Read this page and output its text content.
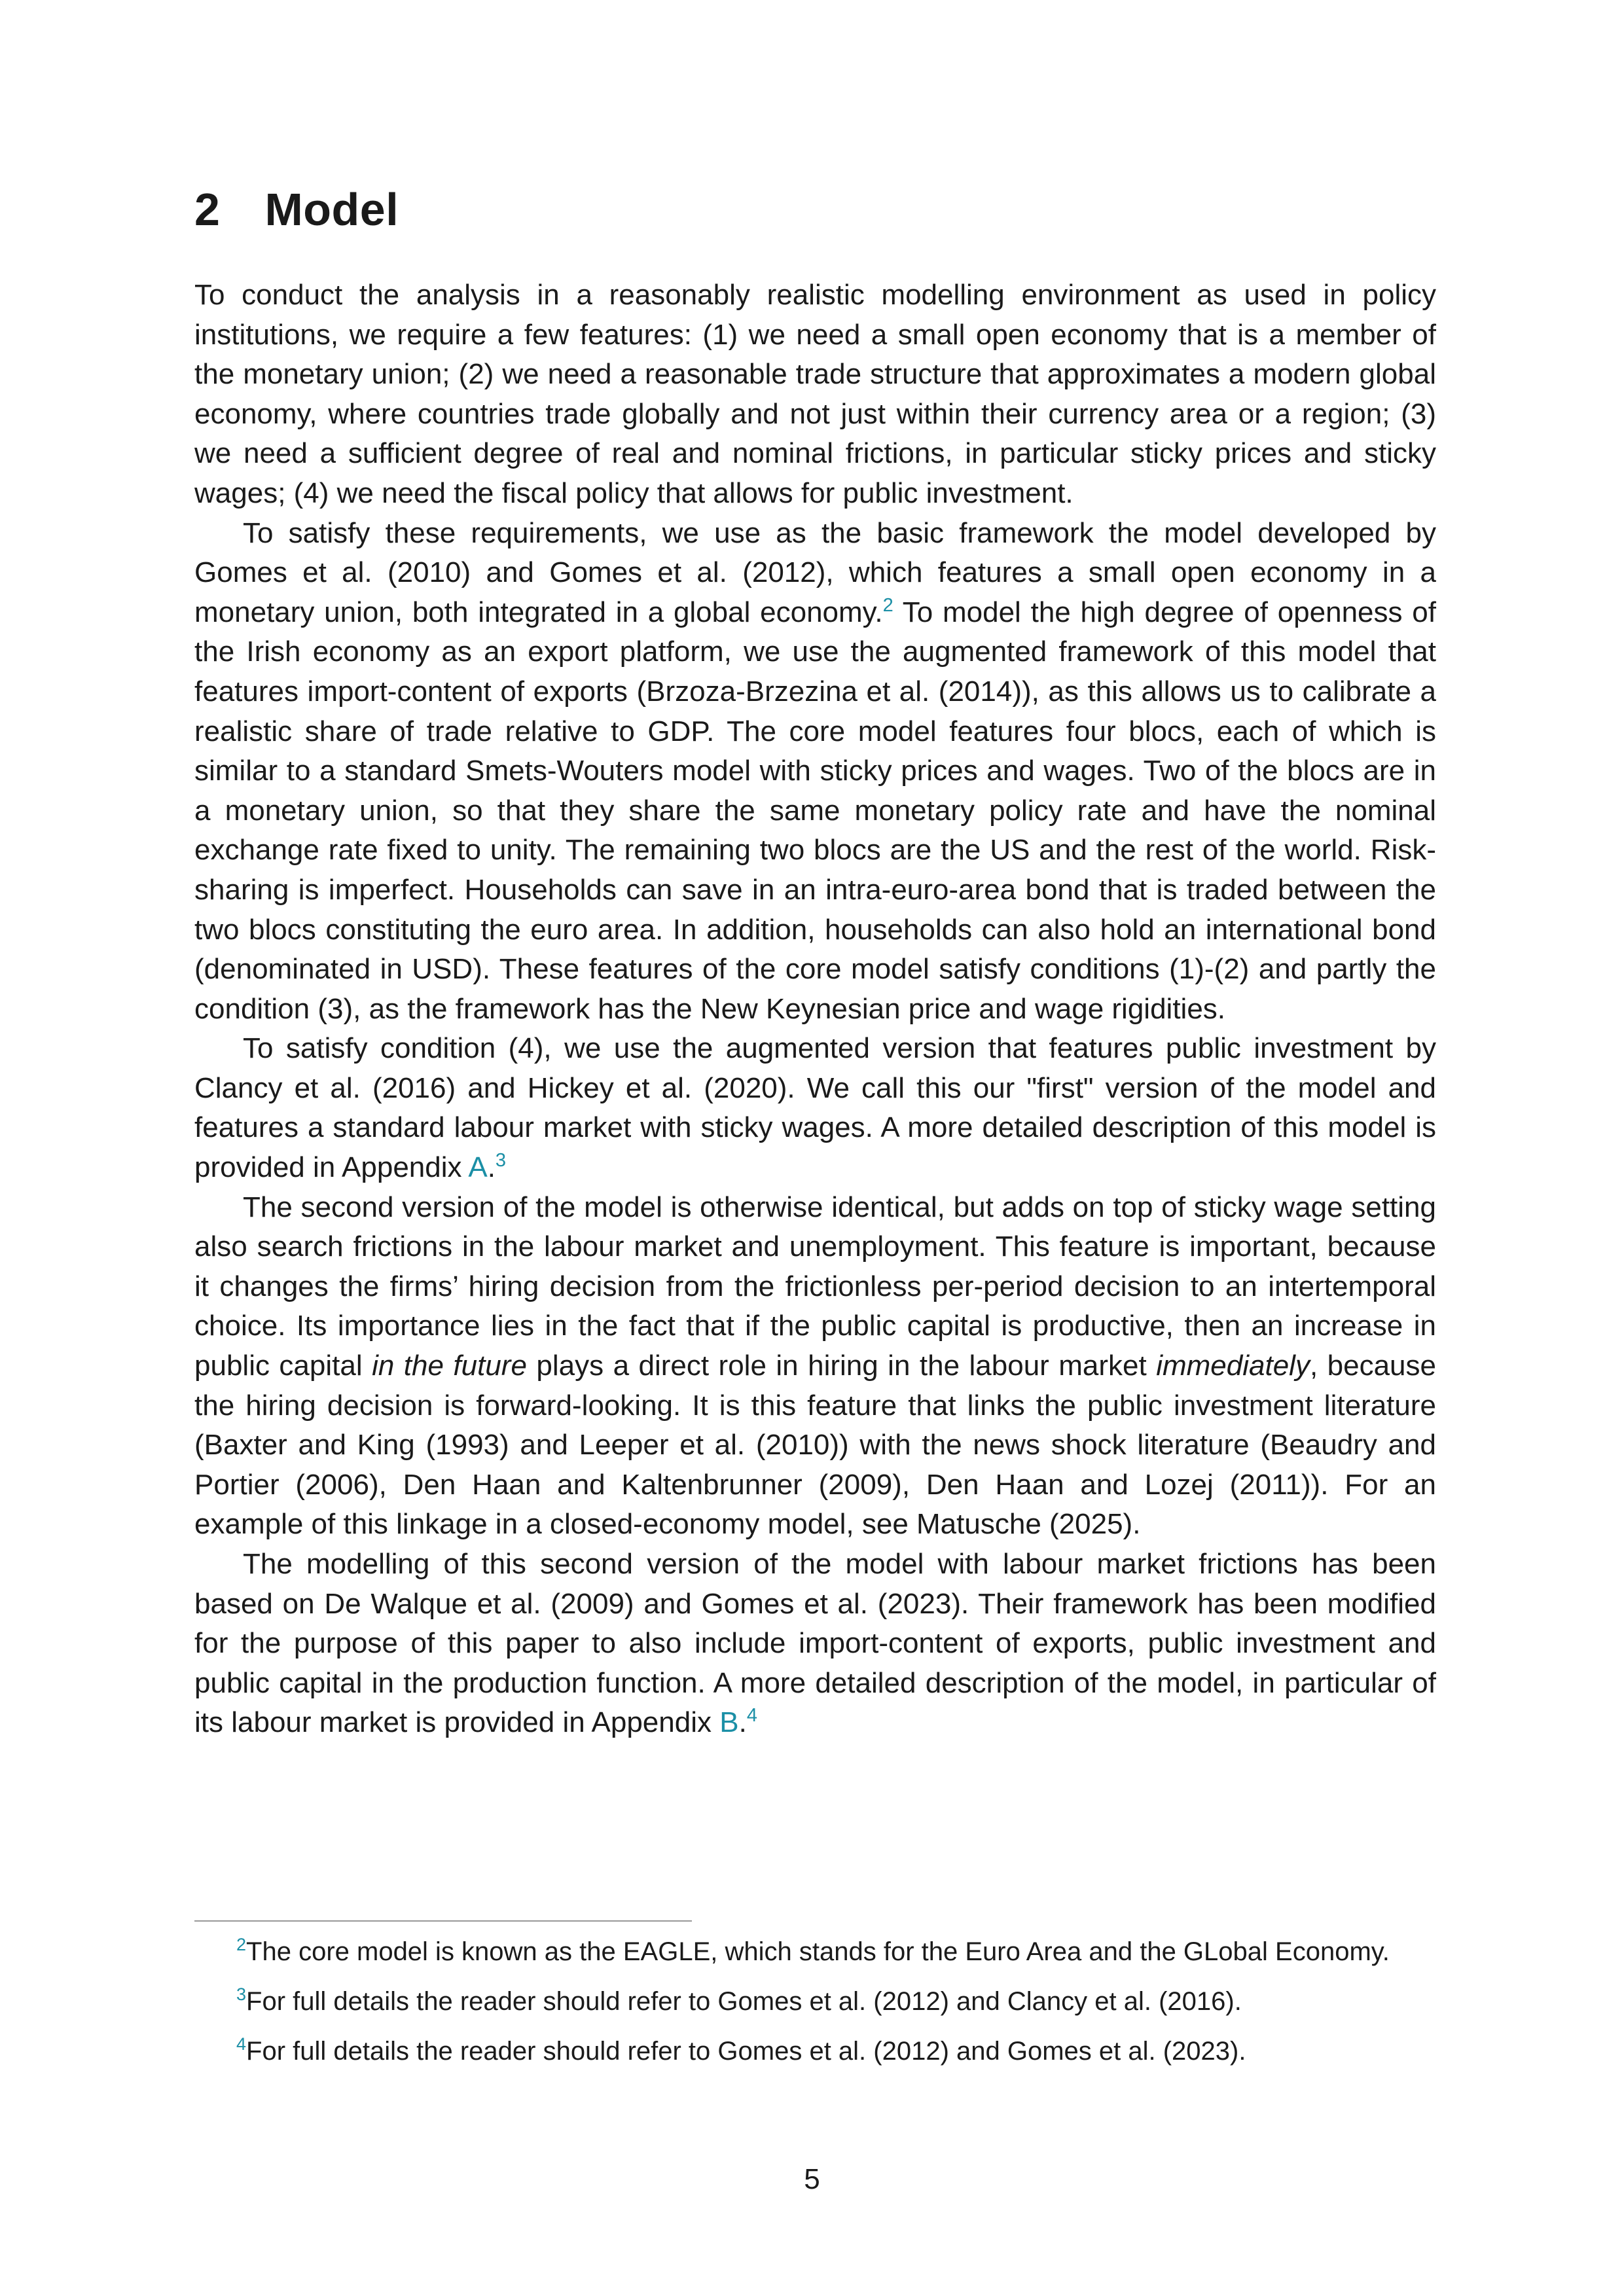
2 Model

To conduct the analysis in a reasonably realistic modelling environment as used in policy institutions, we require a few features: (1) we need a small open economy that is a member of the monetary union; (2) we need a reasonable trade structure that approximates a modern global economy, where countries trade globally and not just within their currency area or a region; (3) we need a sufficient degree of real and nominal frictions, in particular sticky prices and sticky wages; (4) we need the fiscal policy that allows for public investment.

To satisfy these requirements, we use as the basic framework the model developed by Gomes et al. (2010) and Gomes et al. (2012), which features a small open economy in a monetary union, both integrated in a global economy.$^2$ To model the high degree of openness of the Irish economy as an export platform, we use the augmented framework of this model that features import-content of exports (Brzoza-Brzezina et al. (2014)), as this allows us to calibrate a realistic share of trade relative to GDP. The core model features four blocs, each of which is similar to a standard Smets-Wouters model with sticky prices and wages. Two of the blocs are in a monetary union, so that they share the same monetary policy rate and have the nominal exchange rate fixed to unity. The remaining two blocs are the US and the rest of the world. Risk-sharing is imperfect. Households can save in an intra-euro-area bond that is traded between the two blocs constituting the euro area. In addition, households can also hold an international bond (denominated in USD). These features of the core model satisfy conditions (1)-(2) and partly the condition (3), as the framework has the New Keynesian price and wage rigidities.

To satisfy condition (4), we use the augmented version that features public investment by Clancy et al. (2016) and Hickey et al. (2020). We call this our "first" version of the model and features a standard labour market with sticky wages. A more detailed description of this model is provided in Appendix A.$^3$

The second version of the model is otherwise identical, but adds on top of sticky wage setting also search frictions in the labour market and unemployment. This feature is important, because it changes the firms’ hiring decision from the frictionless per-period decision to an intertemporal choice. Its importance lies in the fact that if the public capital is productive, then an increase in public capital in the future plays a direct role in hiring in the labour market immediately, because the hiring decision is forward-looking. It is this feature that links the public investment literature (Baxter and King (1993) and Leeper et al. (2010)) with the news shock literature (Beaudry and Portier (2006), Den Haan and Kaltenbrunner (2009), Den Haan and Lozej (2011)). For an example of this linkage in a closed-economy model, see Matusche (2025).

The modelling of this second version of the model with labour market frictions has been based on De Walque et al. (2009) and Gomes et al. (2023). Their framework has been modified for the purpose of this paper to also include import-content of exports, public investment and public capital in the production function. A more detailed description of the model, in particular of its labour market is provided in Appendix B.$^4$

$^2$The core model is known as the EAGLE, which stands for the Euro Area and the GLobal Economy.

$^3$For full details the reader should refer to Gomes et al. (2012) and Clancy et al. (2016).

$^4$For full details the reader should refer to Gomes et al. (2012) and Gomes et al. (2023).

5
